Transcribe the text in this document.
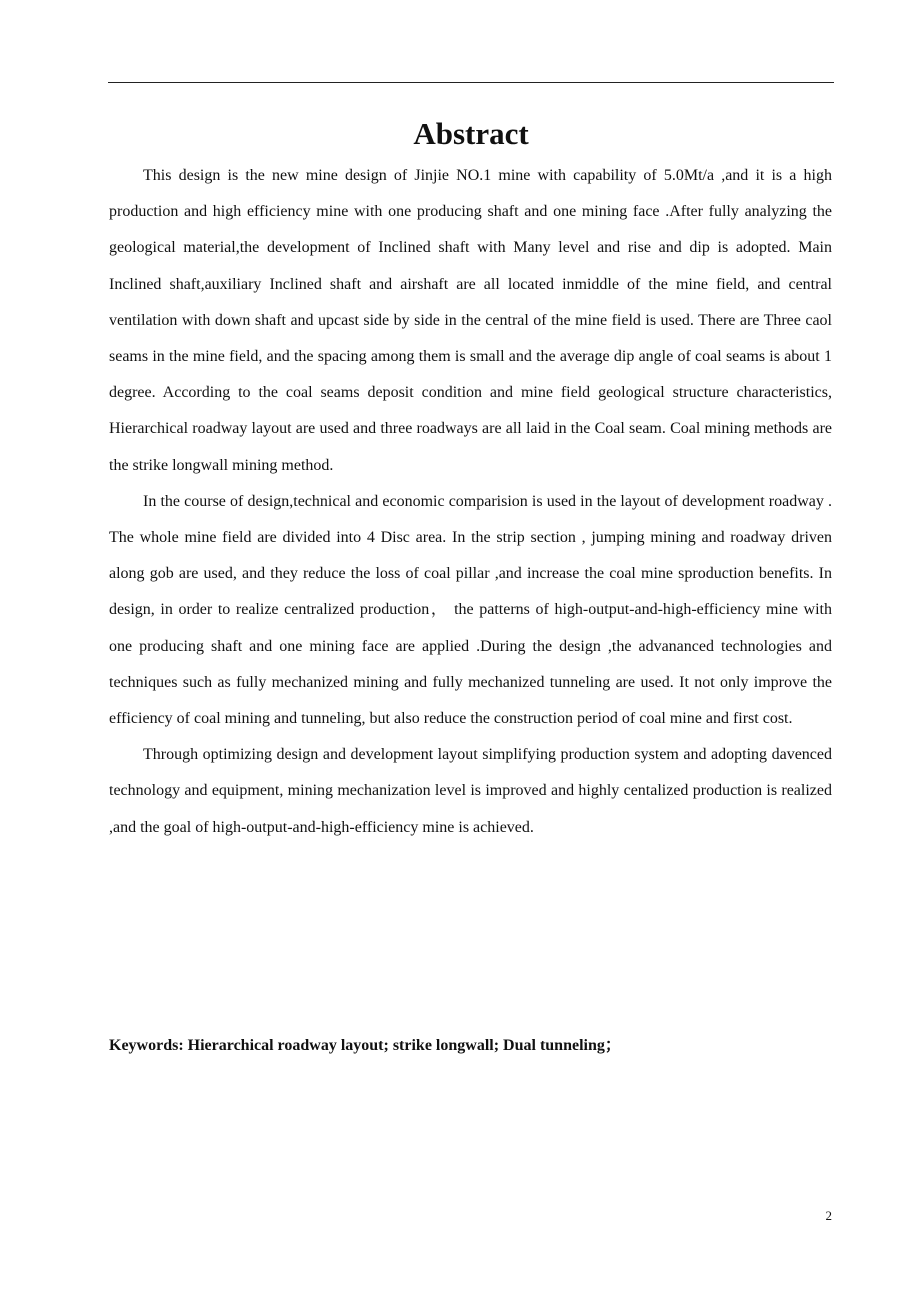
Abstract

This design is the new mine design of Jinjie NO.1 mine with capability of 5.0Mt/a ,and it is a high production and high efficiency mine with one producing shaft and one mining face .After fully analyzing the geological material,the development of Inclined shaft with Many level and rise and dip is adopted. Main Inclined shaft,auxiliary Inclined shaft and airshaft are all located inmiddle of the mine field, and central ventilation with down shaft and upcast side by side in the central of the mine field is used. There are Three caol seams in the mine field, and the spacing among them is small and the average dip angle of coal seams is about 1 degree. According to the coal seams deposit condition and mine field geological structure characteristics, Hierarchical roadway layout are used and three roadways are all laid in the Coal seam. Coal mining methods are the strike longwall mining method.

In the course of design,technical and economic comparision is used in the layout of development roadway . The whole mine field are divided into 4 Disc area. In the strip section , jumping mining and roadway driven along gob are used, and they reduce the loss of coal pillar ,and increase the coal mine sproduction benefits. In design, in order to realize centralized production， the patterns of high-output-and-high-efficiency mine with one producing shaft and one mining face are applied .During the design ,the advananced technologies and techniques such as fully mechanized mining and fully mechanized tunneling are used. It not only improve the efficiency of coal mining and tunneling, but also reduce the construction period of coal mine and first cost.

Through optimizing design and development layout simplifying production system and adopting davenced technology and equipment, mining mechanization level is improved and highly centalized production is realized ,and the goal of high-output-and-high-efficiency mine is achieved.

Keywords: Hierarchical roadway layout; strike longwall; Dual tunneling；

2
